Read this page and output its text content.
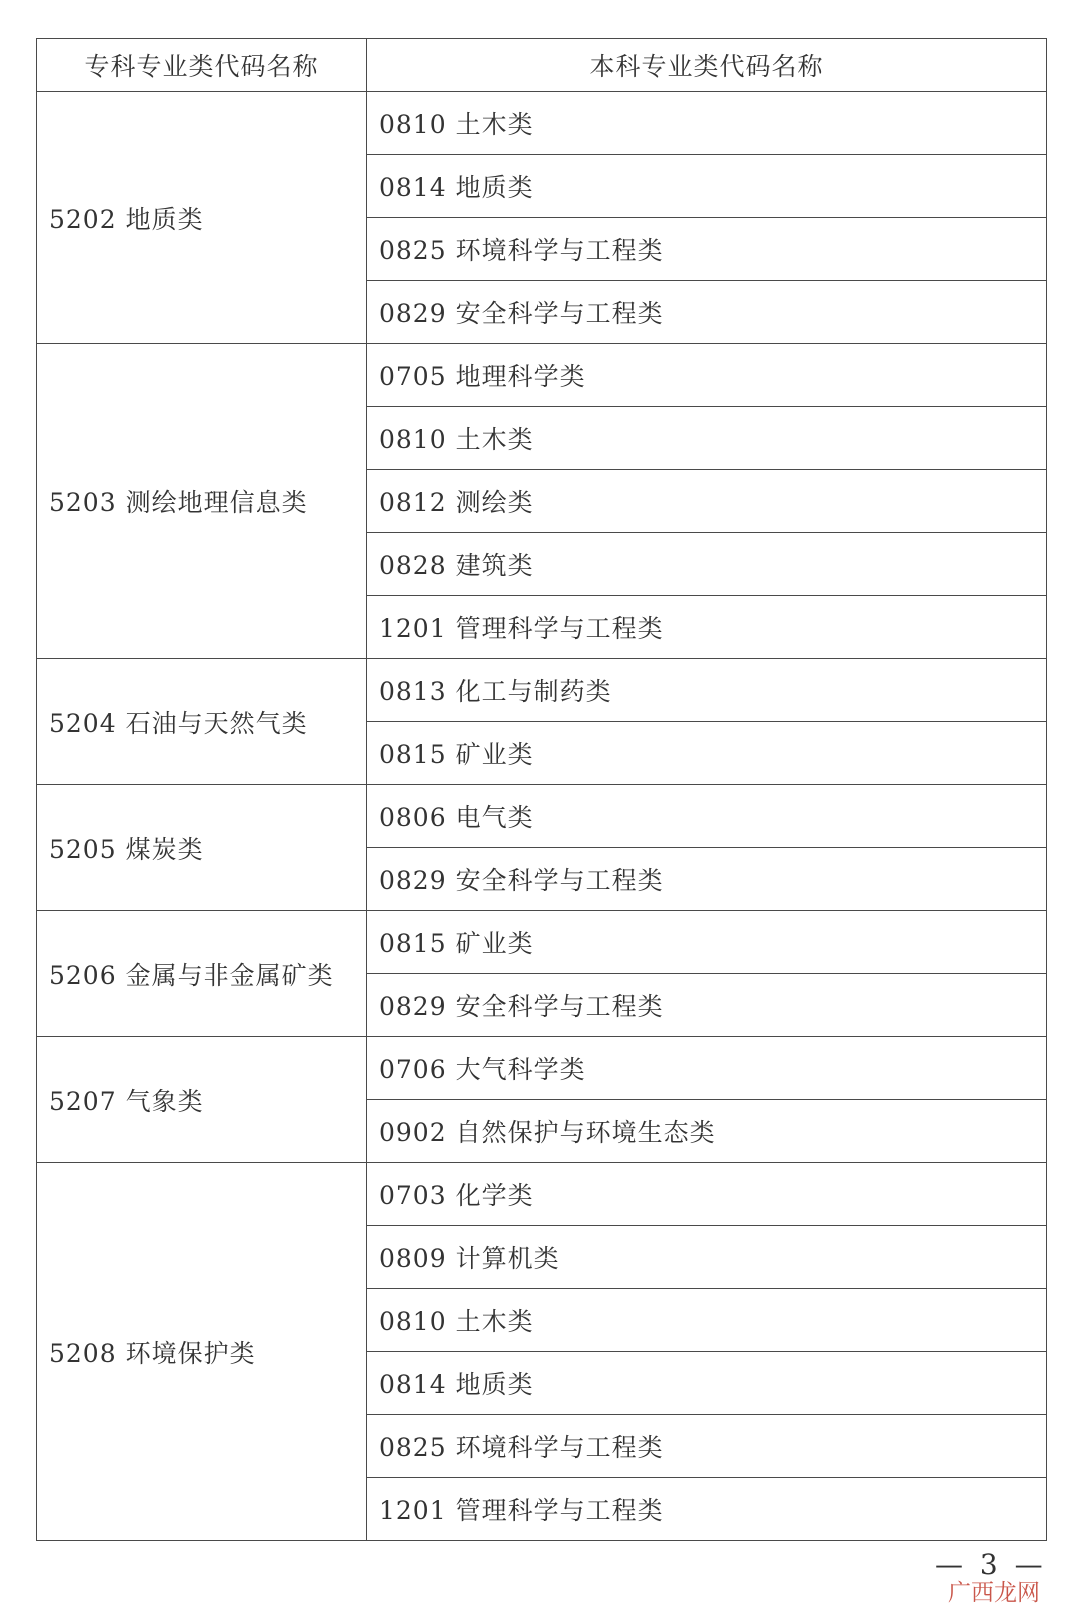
专科专业类代码名称	本科专业类代码名称
5202 地质类	0810 土木类
	0814 地质类
	0825 环境科学与工程类
	0829 安全科学与工程类
5203 测绘地理信息类	0705 地理科学类
	0810 土木类
	0812 测绘类
	0828 建筑类
	1201 管理科学与工程类
5204 石油与天然气类	0813 化工与制药类
	0815 矿业类
5205 煤炭类	0806 电气类
	0829 安全科学与工程类
5206 金属与非金属矿类	0815 矿业类
	0829 安全科学与工程类
5207 气象类	0706 大气科学类
	0902 自然保护与环境生态类
5208 环境保护类	0703 化学类
	0809 计算机类
	0810 土木类
	0814 地质类
	0825 环境科学与工程类
	1201 管理科学与工程类
— 3 —
广西龙网
